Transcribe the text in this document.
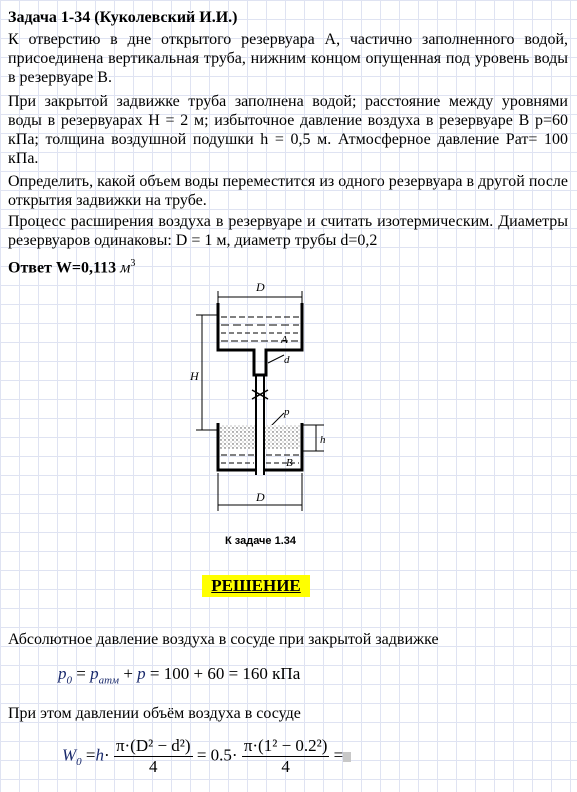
Задача 1-34 (Куколевский И.И.)
К отверстию в дне открытого резервуара А, частично заполненного водой, присоединена вертикальная труба, нижним концом опущенная под уровень воды в резервуаре В.
При закрытой задвижке труба заполнена водой; расстояние между уровнями воды в резервуарах H = 2 м; избыточное давление воздуха в резервуаре В p=60 кПа; толщина воздушной подушки h = 0,5 м. Атмосферное давление Рат= 100 кПа.
Определить, какой объем воды переместится из одного резервуара в другой после открытия задвижки на трубе.
Процесс расширения воздуха в резервуаре и считать изотермическим. Диаметры резервуаров одинаковы: D = 1 м, диаметр трубы d=0,2
Ответ W=0,113 $м^3$
D
A
d
H
p
B
h
D
К задаче 1.34
РЕШЕНИЕ
Абсолютное давление воздуха в сосуде при закрытой задвижке
$p_0 = p_{атм} + p = 100 + 60 = 160$ кПа
При этом давлении объём воздуха в сосуде
$W_0 =h\cdot \frac{\text{π·(D² − d²)}}{4} = 0.5\cdot \frac{\text{π·(1² − 0.2²)}}{4}$ =
